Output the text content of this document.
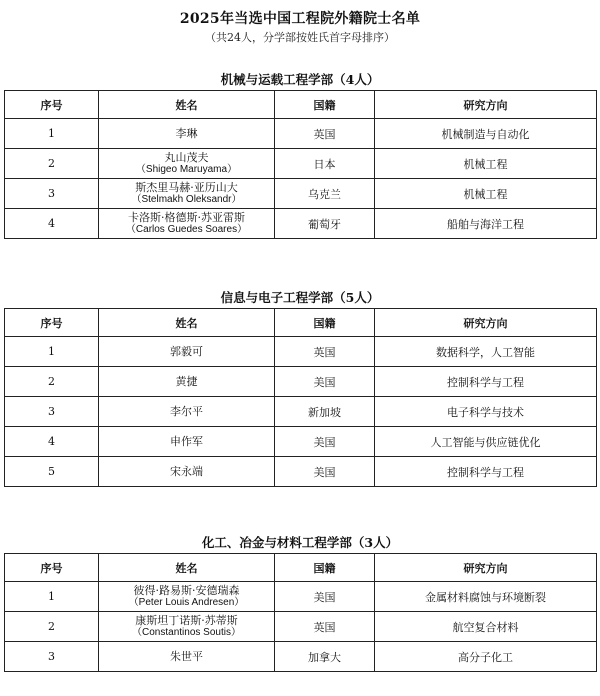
2025年当选中国工程院外籍院士名单
（共24人，分学部按姓氏首字母排序）
机械与运载工程学部（4人）
序号	姓名	国籍	研究方向
1	李琳	英国	机械制造与自动化
2	丸山茂夫
（Shigeo Maruyama）	日本	机械工程
3	斯杰里马赫·亚历山大
（Stelmakh Oleksandr）	乌克兰	机械工程
4	卡洛斯·格德斯·苏亚雷斯
（Carlos Guedes Soares）	葡萄牙	船舶与海洋工程
信息与电子工程学部（5人）
序号	姓名	国籍	研究方向
1	郭毅可	英国	数据科学，人工智能
2	黄捷	美国	控制科学与工程
3	李尔平	新加坡	电子科学与技术
4	申作军	美国	人工智能与供应链优化
5	宋永端	美国	控制科学与工程
化工、冶金与材料工程学部（3人）
序号	姓名	国籍	研究方向
1	彼得·路易斯·安德瑞森
（Peter Louis Andresen）	美国	金属材料腐蚀与环境断裂
2	康斯坦丁诺斯·苏蒂斯
（Constantinos Soutis）	英国	航空复合材料
3	朱世平	加拿大	高分子化工
